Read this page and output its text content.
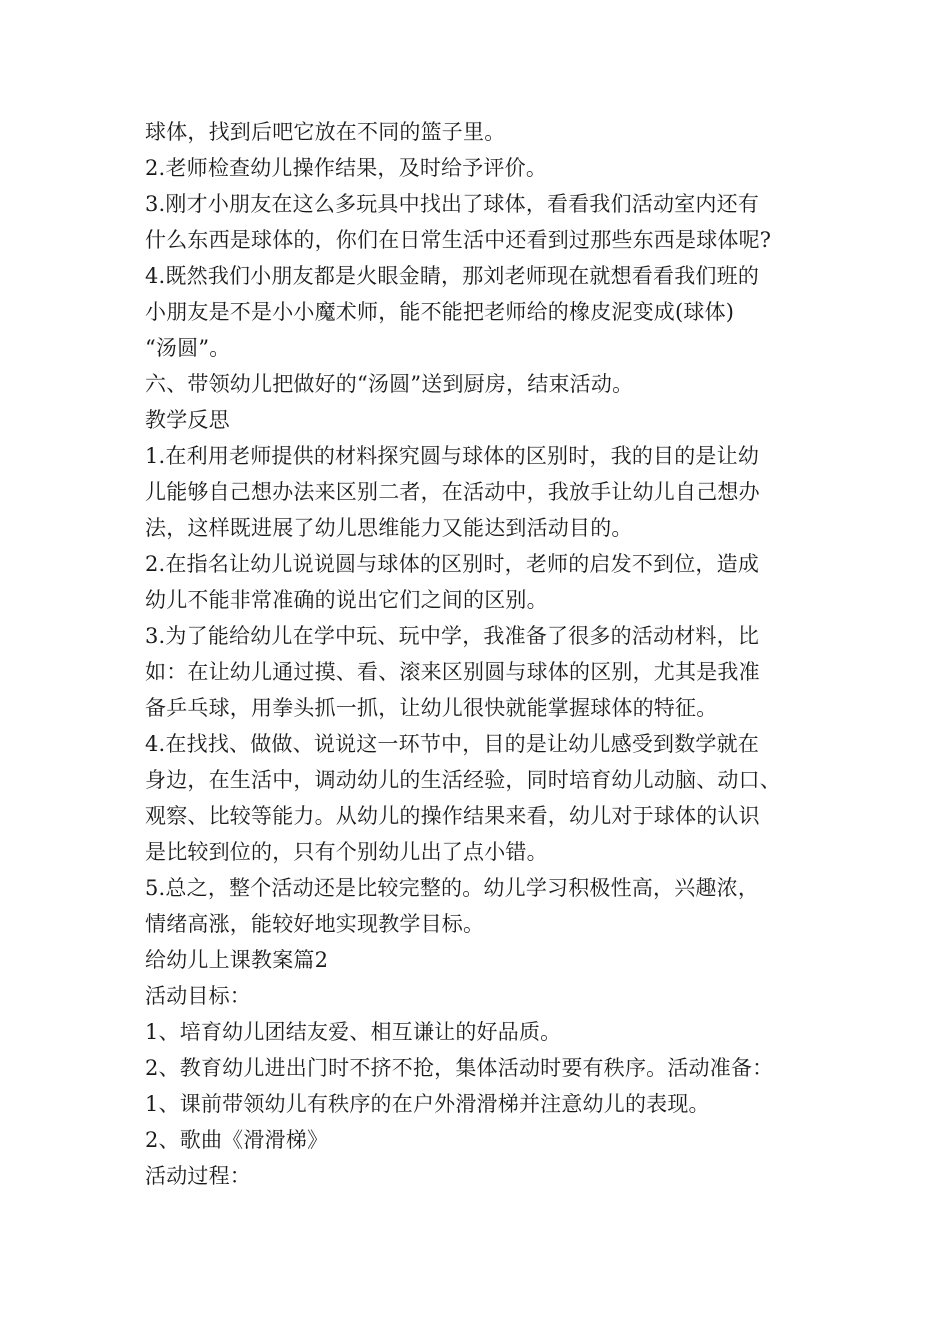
球体，找到后吧它放在不同的篮子里。
2.老师检查幼儿操作结果，及时给予评价。
3.刚才小朋友在这么多玩具中找出了球体，看看我们活动室内还有
什么东西是球体的，你们在日常生活中还看到过那些东西是球体呢?
4.既然我们小朋友都是火眼金睛，那刘老师现在就想看看我们班的
小朋友是不是小小魔术师，能不能把老师给的橡皮泥变成(球体)
“汤圆”。
六、带领幼儿把做好的“汤圆”送到厨房，结束活动。
教学反思
1.在利用老师提供的材料探究圆与球体的区别时，我的目的是让幼
儿能够自己想办法来区别二者，在活动中，我放手让幼儿自己想办
法，这样既进展了幼儿思维能力又能达到活动目的。
2.在指名让幼儿说说圆与球体的区别时，老师的启发不到位，造成
幼儿不能非常准确的说出它们之间的区别。
3.为了能给幼儿在学中玩、玩中学，我准备了很多的活动材料，比
如：在让幼儿通过摸、看、滚来区别圆与球体的区别，尤其是我准
备乒乓球，用拳头抓一抓，让幼儿很快就能掌握球体的特征。
4.在找找、做做、说说这一环节中，目的是让幼儿感受到数学就在
身边，在生活中，调动幼儿的生活经验，同时培育幼儿动脑、动口、
观察、比较等能力。从幼儿的操作结果来看，幼儿对于球体的认识
是比较到位的，只有个别幼儿出了点小错。
5.总之，整个活动还是比较完整的。幼儿学习积极性高，兴趣浓，
情绪高涨，能较好地实现教学目标。
给幼儿上课教案篇2
活动目标：
1、培育幼儿团结友爱、相互谦让的好品质。
2、教育幼儿进出门时不挤不抢，集体活动时要有秩序。活动准备：
1、课前带领幼儿有秩序的在户外滑滑梯并注意幼儿的表现。
2、歌曲《滑滑梯》
活动过程：
